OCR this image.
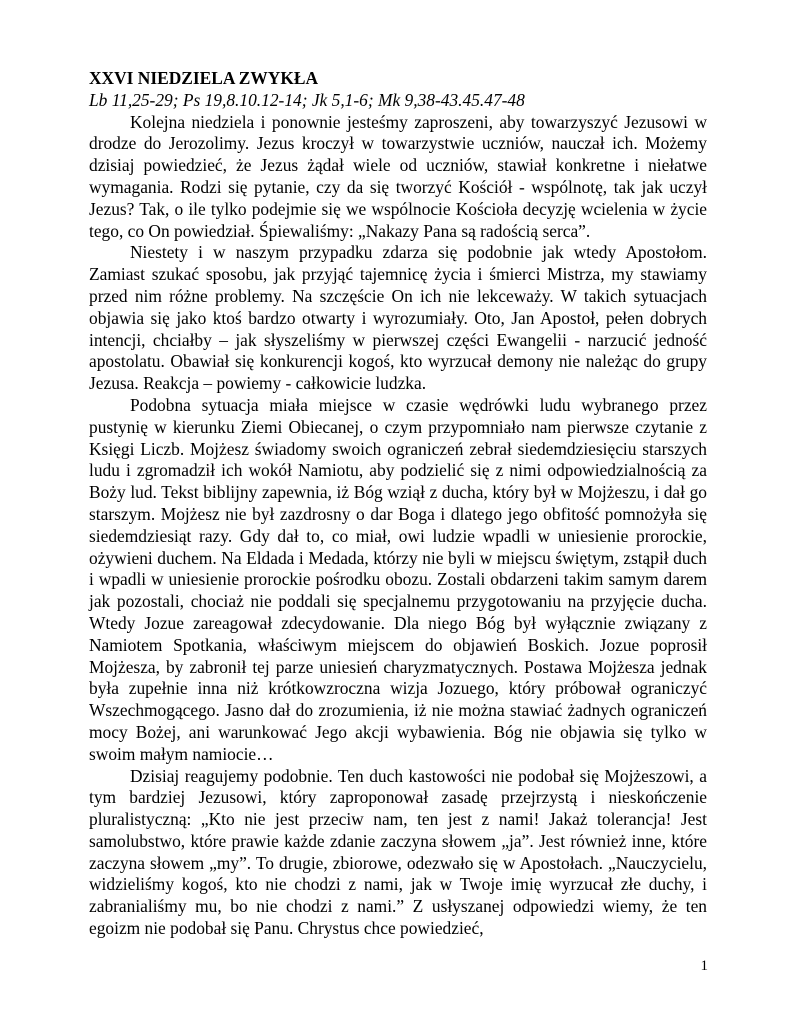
XXVI NIEDZIELA ZWYKŁA

Lb 11,25-29; Ps 19,8.10.12-14; Jk 5,1-6; Mk 9,38-43.45.47-48

Kolejna niedziela i ponownie jesteśmy zaproszeni, aby towarzyszyć Jezusowi w drodze do Jerozolimy. Jezus kroczył w towarzystwie uczniów, nauczał ich. Możemy dzisiaj powiedzieć, że Jezus żądał wiele od uczniów, stawiał konkretne i niełatwe wymagania. Rodzi się pytanie, czy da się tworzyć Kościół - wspólnotę, tak jak uczył Jezus? Tak, o ile tylko podejmie się we wspólnocie Kościoła decyzję wcielenia w życie tego, co On powiedział. Śpiewaliśmy: „Nakazy Pana są radością serca”.

Niestety i w naszym przypadku zdarza się podobnie jak wtedy Apostołom. Zamiast szukać sposobu, jak przyjąć tajemnicę życia i śmierci Mistrza, my stawiamy przed nim różne problemy. Na szczęście On ich nie lekceważy. W takich sytuacjach objawia się jako ktoś bardzo otwarty i wyrozumiały. Oto, Jan Apostoł, pełen dobrych intencji, chciałby – jak słyszeliśmy w pierwszej części Ewangelii - narzucić jedność apostolatu. Obawiał się konkurencji kogoś, kto wyrzucał demony nie należąc do grupy Jezusa. Reakcja – powiemy - całkowicie ludzka.

Podobna sytuacja miała miejsce w czasie wędrówki ludu wybranego przez pustynię w kierunku Ziemi Obiecanej, o czym przypomniało nam pierwsze czytanie z Księgi Liczb. Mojżesz świadomy swoich ograniczeń zebrał siedemdziesięciu starszych ludu i zgromadził ich wokół Namiotu, aby podzielić się z nimi odpowiedzialnością za Boży lud. Tekst biblijny zapewnia, iż Bóg wziął z ducha, który był w Mojżeszu, i dał go starszym. Mojżesz nie był zazdrosny o dar Boga i dlatego jego obfitość pomnożyła się siedemdziesiąt razy. Gdy dał to, co miał, owi ludzie wpadli w uniesienie prorockie, ożywieni duchem. Na Eldada i Medada, którzy nie byli w miejscu świętym, zstąpił duch i wpadli w uniesienie prorockie pośrodku obozu. Zostali obdarzeni takim samym darem jak pozostali, chociaż nie poddali się specjalnemu przygotowaniu na przyjęcie ducha. Wtedy Jozue zareagował zdecydowanie. Dla niego Bóg był wyłącznie związany z Namiotem Spotkania, właściwym miejscem do objawień Boskich. Jozue poprosił Mojżesza, by zabronił tej parze uniesień charyzmatycznych. Postawa Mojżesza jednak była zupełnie inna niż krótkowzroczna wizja Jozuego, który próbował ograniczyć Wszechmogącego. Jasno dał do zrozumienia, iż nie można stawiać żadnych ograniczeń mocy Bożej, ani warunkować Jego akcji wybawienia. Bóg nie objawia się tylko w swoim małym namiocie…

Dzisiaj reagujemy podobnie. Ten duch kastowości nie podobał się Mojżeszowi, a tym bardziej Jezusowi, który zaproponował zasadę przejrzystą i nieskończenie pluralistyczną: „Kto nie jest przeciw nam, ten jest z nami! Jakaż tolerancja! Jest samolubstwo, które prawie każde zdanie zaczyna słowem „ja”. Jest również inne, które zaczyna słowem „my”. To drugie, zbiorowe, odezwało się w Apostołach. „Nauczycielu, widzieliśmy kogoś, kto nie chodzi z nami, jak w Twoje imię wyrzucał złe duchy, i zabranialiśmy mu, bo nie chodzi z nami.” Z usłyszanej odpowiedzi wiemy, że ten egoizm nie podobał się Panu. Chrystus chce powiedzieć,

1
